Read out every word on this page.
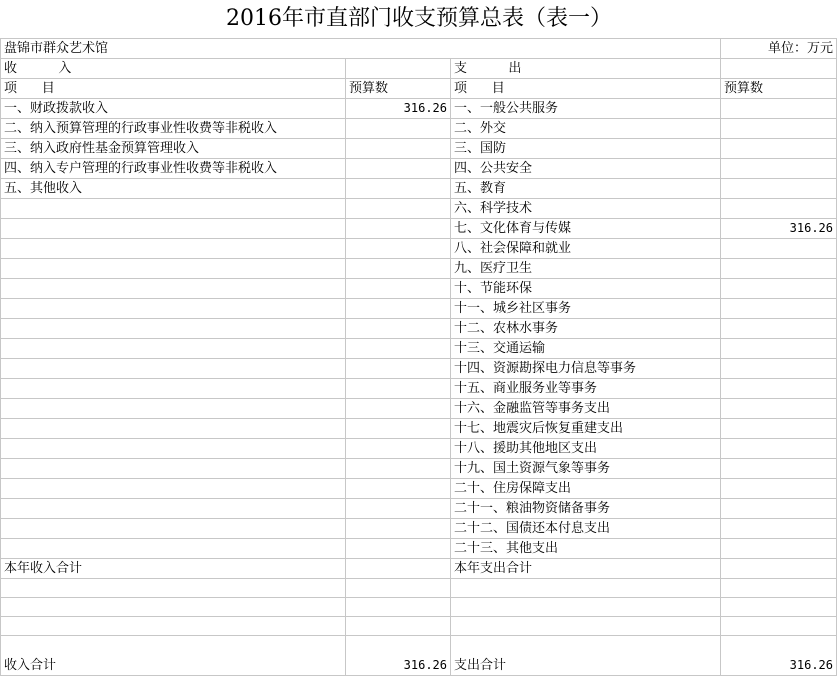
2016年市直部门收支预算总表（表一）
盘锦市群众艺术馆			单位：万元
收          入		支          出	
项      目	预算数	项      目	预算数
一、财政拨款收入	316.26	一、一般公共服务	
二、纳入预算管理的行政事业性收费等非税收入		二、外交	
三、纳入政府性基金预算管理收入		三、国防	
四、纳入专户管理的行政事业性收费等非税收入		四、公共安全	
五、其他收入		五、教育	
		六、科学技术	
		七、文化体育与传媒	316.26
		八、社会保障和就业	
		九、医疗卫生	
		十、节能环保	
		十一、城乡社区事务	
		十二、农林水事务	
		十三、交通运输	
		十四、资源勘探电力信息等事务	
		十五、商业服务业等事务	
		十六、金融监管等事务支出	
		十七、地震灾后恢复重建支出	
		十八、援助其他地区支出	
		十九、国土资源气象等事务	
		二十、住房保障支出	
		二十一、粮油物资储备事务	
		二十二、国债还本付息支出	
		二十三、其他支出	
本年收入合计		本年支出合计	

收入合计	316.26	支出合计	316.26
